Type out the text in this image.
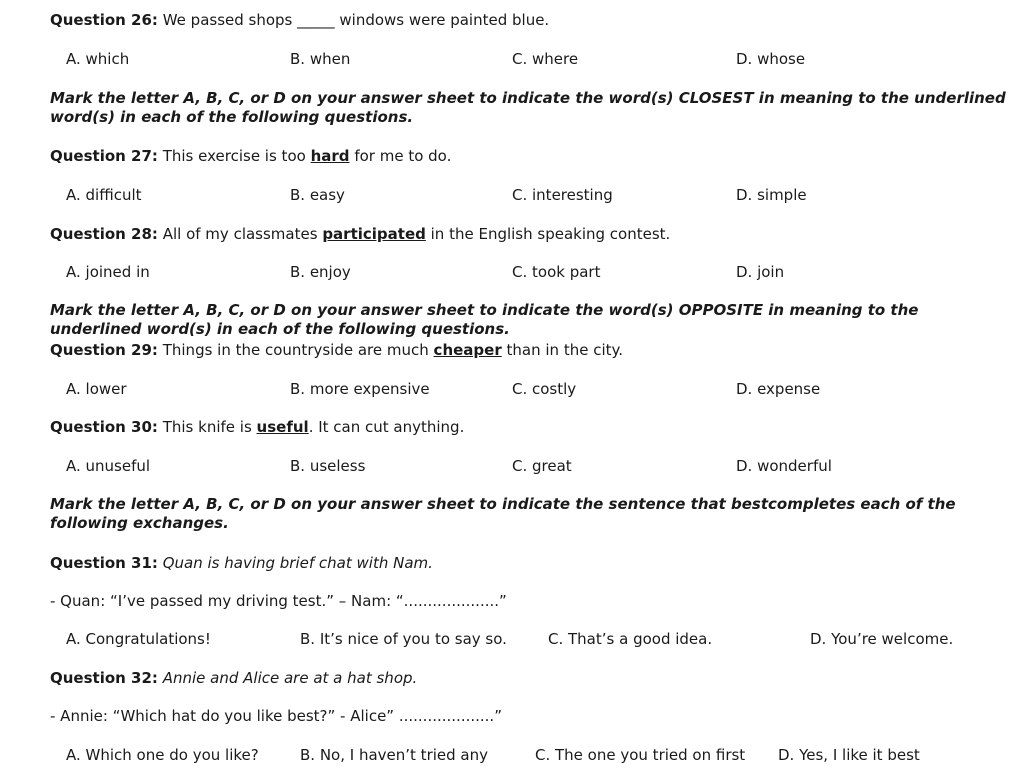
Question 26: We passed shops _____ windows were painted blue.
A. which	B. when	C. where	D. whose
Mark the letter A, B, C, or D on your answer sheet to indicate the word(s) CLOSEST in meaning to the underlined word(s) in each of the following questions.
Question 27: This exercise is too hard for me to do.
A. difficult	B. easy	C. interesting	D. simple
Question 28: All of my classmates participated in the English speaking contest.
A. joined in	B. enjoy	C. took part	D. join
Mark the letter A, B, C, or D on your answer sheet to indicate the word(s) OPPOSITE in meaning to the underlined word(s) in each of the following questions.
Question 29: Things in the countryside are much cheaper than in the city.
A. lower	B. more expensive	C. costly	D. expense
Question 30: This knife is useful. It can cut anything.
A. unuseful	B. useless	C. great	D. wonderful
Mark the letter A, B, C, or D on your answer sheet to indicate the sentence that bestcompletes each of the following exchanges.
Question 31: Quan is having brief chat with Nam.
- Quan: “I’ve passed my driving test.” – Nam: “....................”
A. Congratulations!	B. It’s nice of you to say so.	C. That’s a good idea.	D. You’re welcome.
Question 32: Annie and Alice are at a hat shop.
- Annie: “Which hat do you like best?” - Alice” ....................”
A. Which one do you like?	B. No, I haven’t tried any	C. The one you tried on first D. Yes, I like it best
